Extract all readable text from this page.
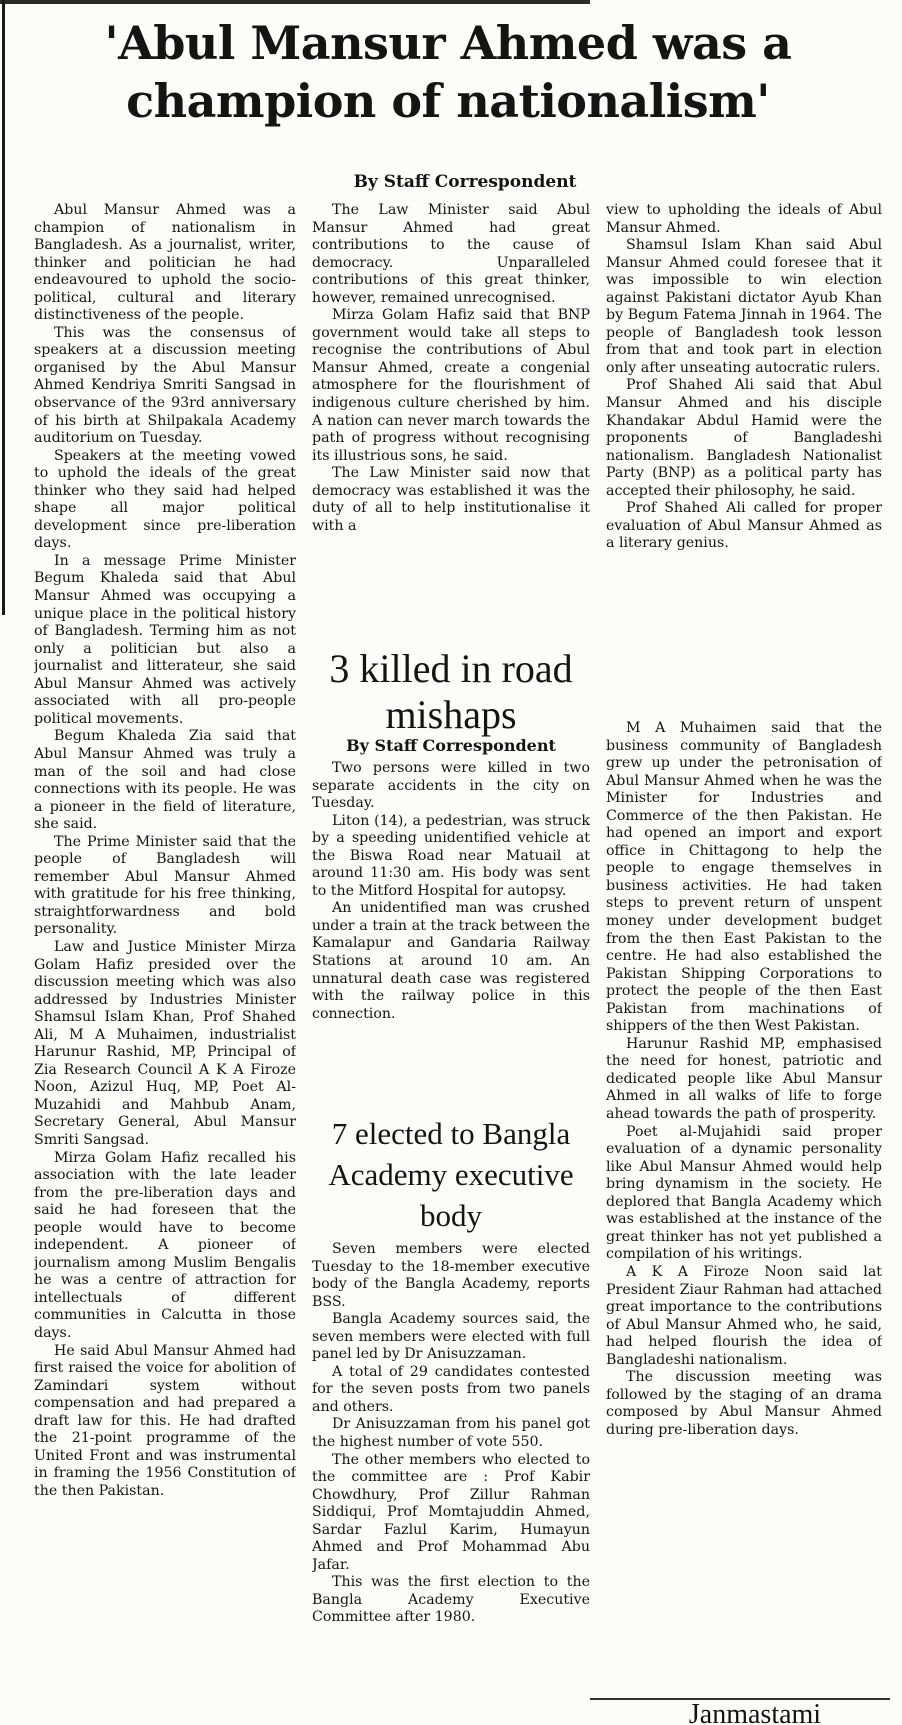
'Abul Mansur Ahmed was a champion of nationalism'
By Staff Correspondent

Abul Mansur Ahmed was a champion of nationalism in Bangladesh. As a journalist, writer, thinker and politician he had endeavoured to uphold the socio-political, cultural and literary distinctiveness of the people.

This was the consensus of speakers at a discussion meeting organised by the Abul Mansur Ahmed Kendriya Smriti Sangsad in observance of the 93rd anniversary of his birth at Shilpakala Academy auditorium on Tuesday.

Speakers at the meeting vowed to uphold the ideals of the great thinker who they said had helped shape all major political development since pre-liberation days.

In a message Prime Minister Begum Khaleda said that Abul Mansur Ahmed was occupying a unique place in the political history of Bangladesh. Terming him as not only a politician but also a journalist and litterateur, she said Abul Mansur Ahmed was actively associated with all pro-people political movements.

Begum Khaleda Zia said that Abul Mansur Ahmed was truly a man of the soil and had close connections with its people. He was a pioneer in the field of literature, she said.

The Prime Minister said that the people of Bangladesh will remember Abul Mansur Ahmed with gratitude for his free thinking, straightforwardness and bold personality.

Law and Justice Minister Mirza Golam Hafiz presided over the discussion meeting which was also addressed by Industries Minister Shamsul Islam Khan, Prof Shahed Ali, M A Muhaimen, industrialist Harunur Rashid, MP, Principal of Zia Research Council A K A Firoze Noon, Azizul Huq, MP, Poet Al-Muzahidi and Mahbub Anam, Secretary General, Abul Mansur Smriti Sangsad.

Mirza Golam Hafiz recalled his association with the late leader from the pre-liberation days and said he had foreseen that the people would have to become independent. A pioneer of journalism among Muslim Bengalis he was a centre of attraction for intellectuals of different communities in Calcutta in those days.

He said Abul Mansur Ahmed had first raised the voice for abolition of Zamindari system without compensation and had prepared a draft law for this. He had drafted the 21-point programme of the United Front and was instrumental in framing the 1956 Constitution of the then Pakistan.

The Law Minister said Abul Mansur Ahmed had great contributions to the cause of democracy. Unparalleled contributions of this great thinker, however, remained unrecognised.

Mirza Golam Hafiz said that BNP government would take all steps to recognise the contributions of Abul Mansur Ahmed, create a congenial atmosphere for the flourishment of indigenous culture cherished by him. A nation can never march towards the path of progress without recognising its illustrious sons, he said.

The Law Minister said now that democracy was established it was the duty of all to help institutionalise it with a

3 killed in road mishaps
By Staff Correspondent

Two persons were killed in two separate accidents in the city on Tuesday.

Liton (14), a pedestrian, was struck by a speeding unidentified vehicle at the Biswa Road near Matuail at around 11:30 am. His body was sent to the Mitford Hospital for autopsy.

An unidentified man was crushed under a train at the track between the Kamalapur and Gandaria Railway Stations at around 10 am. An unnatural death case was registered with the railway police in this connection.

7 elected to Bangla Academy executive body

Seven members were elected Tuesday to the 18-member executive body of the Bangla Academy, reports BSS.

Bangla Academy sources said, the seven members were elected with full panel led by Dr Anisuzzaman.

A total of 29 candidates contested for the seven posts from two panels and others.

Dr Anisuzzaman from his panel got the highest number of vote 550.

The other members who elected to the committee are : Prof Kabir Chowdhury, Prof Zillur Rahman Siddiqui, Prof Momtajuddin Ahmed, Sardar Fazlul Karim, Humayun Ahmed and Prof Mohammad Abu Jafar.

This was the first election to the Bangla Academy Executive Committee after 1980.

view to upholding the ideals of Abul Mansur Ahmed.

Shamsul Islam Khan said Abul Mansur Ahmed could foresee that it was impossible to win election against Pakistani dictator Ayub Khan by Begum Fatema Jinnah in 1964. The people of Bangladesh took lesson from that and took part in election only after unseating autocratic rulers.

Prof Shahed Ali said that Abul Mansur Ahmed and his disciple Khandakar Abdul Hamid were the proponents of Bangladeshi nationalism. Bangladesh Nationalist Party (BNP) as a political party has accepted their philosophy, he said.

Prof Shahed Ali called for proper evaluation of Abul Mansur Ahmed as a literary genius.

M A Muhaimen said that the business community of Bangladesh grew up under the petronisation of Abul Mansur Ahmed when he was the Minister for Industries and Commerce of the then Pakistan. He had opened an import and export office in Chittagong to help the people to engage themselves in business activities. He had taken steps to prevent return of unspent money under development budget from the then East Pakistan to the centre. He had also established the Pakistan Shipping Corporations to protect the people of the then East Pakistan from machinations of shippers of the then West Pakistan.

Harunur Rashid MP, emphasised the need for honest, patriotic and dedicated people like Abul Mansur Ahmed in all walks of life to forge ahead towards the path of prosperity.

Poet al-Mujahidi said proper evaluation of a dynamic personality like Abul Mansur Ahmed would help bring dynamism in the society. He deplored that Bangla Academy which was established at the instance of the great thinker has not yet published a compilation of his writings.

A K A Firoze Noon said lat President Ziaur Rahman had attached great importance to the contributions of Abul Mansur Ahmed who, he said, had helped flourish the idea of Bangladeshi nationalism.

The discussion meeting was followed by the staging of an drama composed by Abul Mansur Ahmed during pre-liberation days.

Janmastami
